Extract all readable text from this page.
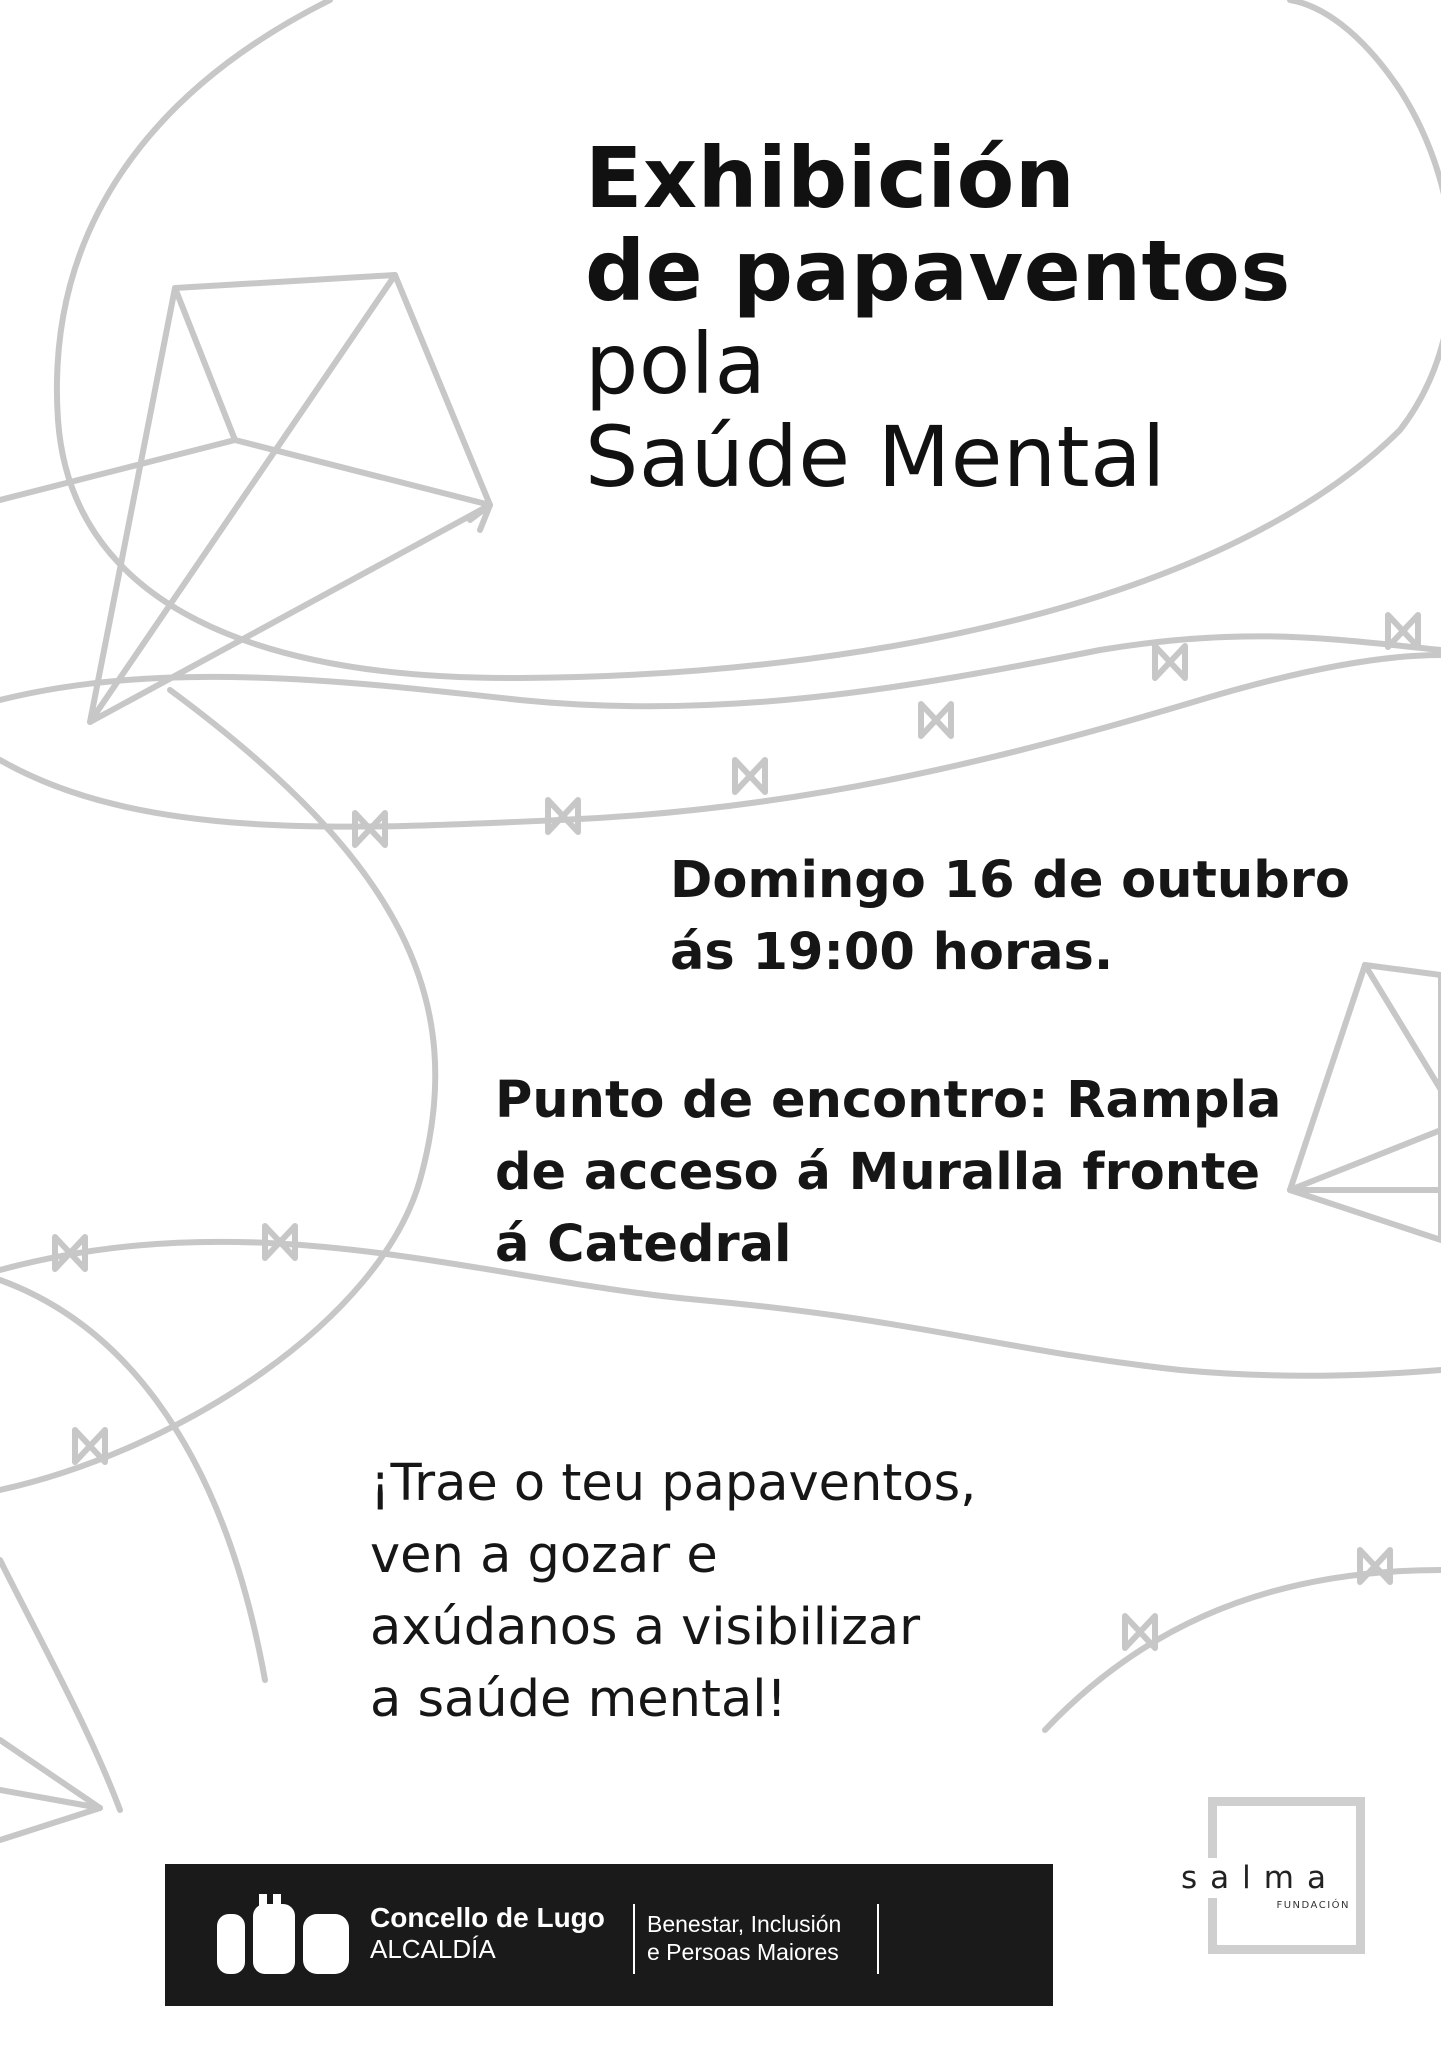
Exhibición
de papaventos
pola
Saúde Mental
Domingo 16 de outubro
ás 19:00 horas.
Punto de encontro: Rampla
de acceso á Muralla fronte
á Catedral
¡Trae o teu papaventos,
ven a gozar e
axúdanos a visibilizar
a saúde mental!
Concello de Lugo
ALCALDÍA
Benestar, Inclusión
e Persoas Maiores
salma
FUNDACIÓN
